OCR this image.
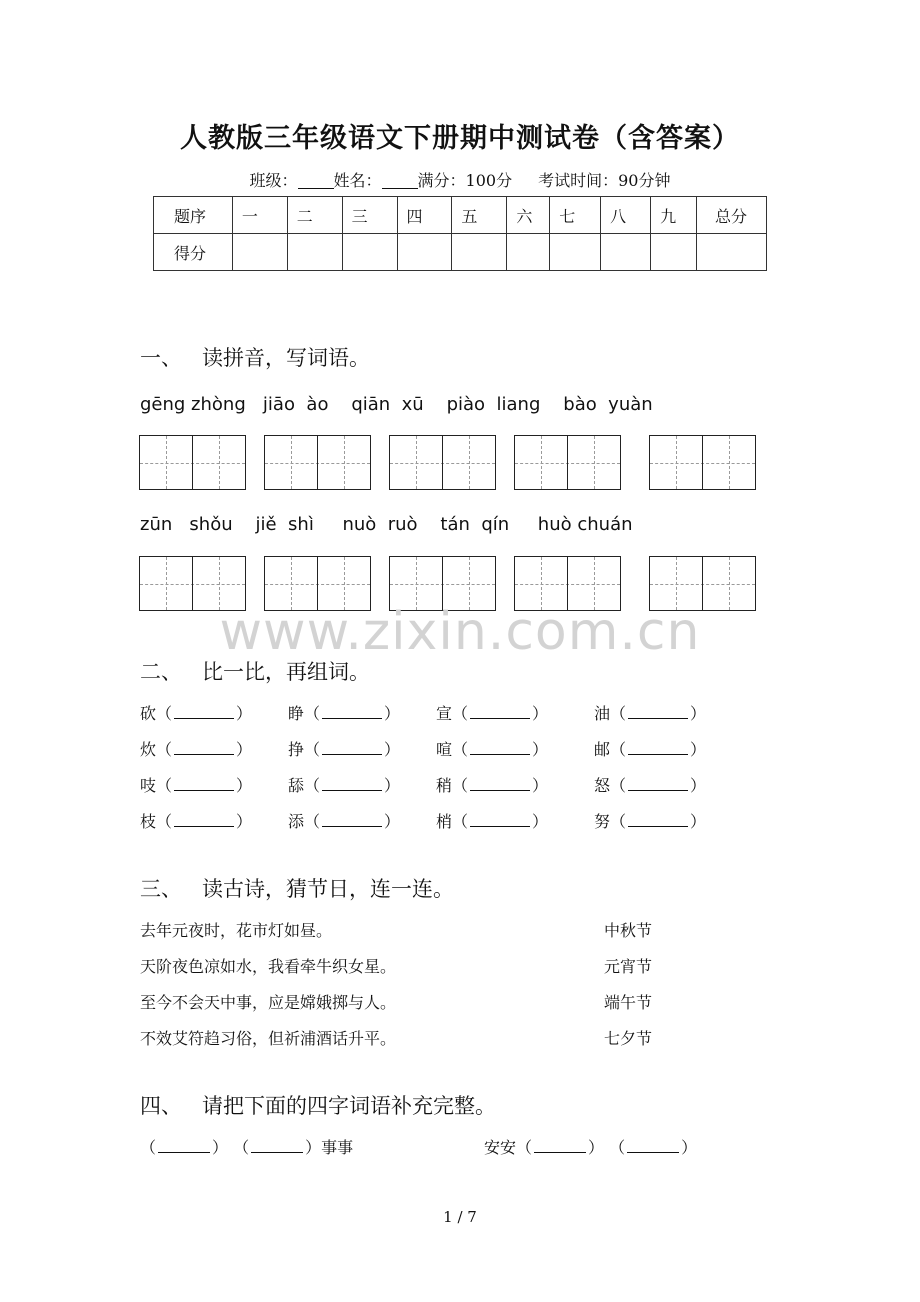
人教版三年级语文下册期中测试卷（含答案）
班级： 姓名： 满分：100分 考试时间：90分钟
题序	一	二	三	四	五	六	七	八	九	总分
得分										
一、 读拼音，写词语。
gēng zhòng   jiāo  ào    qiān  xū    piào  liang    bào  yuàn
zūn   shǒu    jiě  shì     nuò  ruò    tán  qín     huò chuán
www.zixin.com.cn
二、 比一比，再组词。
砍（	） 睁（	） 宣（	）	油（	）
炊（	） 挣（	） 喧（	）	邮（	）
吱（	） 舔（	） 稍（	）	怒（	）
枝（	） 添（	） 梢（	）	努（	）
三、 读古诗，猜节日，连一连。
去年元夜时，花市灯如昼。	中秋节
天阶夜色凉如水，我看牵牛织女星。	元宵节
至今不会天中事，应是嫦娥掷与人。	端午节
不效艾符趋习俗，但祈浦酒话升平。	七夕节
四、 请把下面的四字词语补充完整。
（	） （	）事事	安安（	） （	）
1 / 7
